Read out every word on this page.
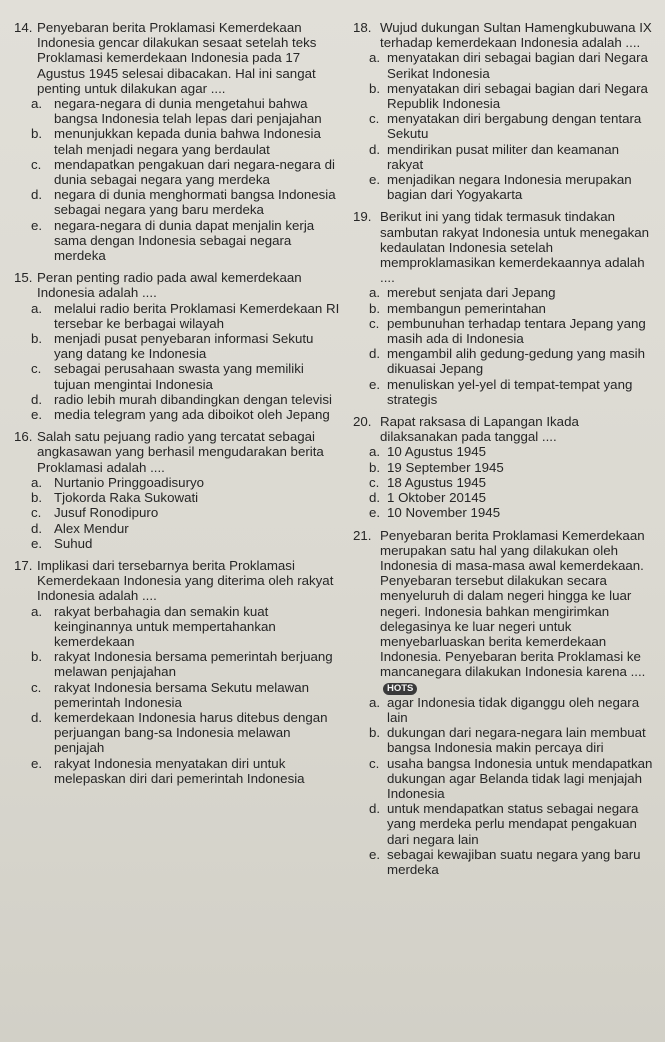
14. Penyebaran berita Proklamasi Kemerdekaan Indonesia gencar dilakukan sesaat setelah teks Proklamasi kemerdekaan Indonesia pada 17 Agustus 1945 selesai dibacakan. Hal ini sangat penting untuk dilakukan agar ....
a. negara-negara di dunia mengetahui bahwa bangsa Indonesia telah lepas dari penjajahan
b. menunjukkan kepada dunia bahwa Indonesia telah menjadi negara yang berdaulat
c. mendapatkan pengakuan dari negara-negara di dunia sebagai negara yang merdeka
d. negara di dunia menghormati bangsa Indonesia sebagai negara yang baru merdeka
e. negara-negara di dunia dapat menjalin kerja sama dengan Indonesia sebagai negara merdeka
15. Peran penting radio pada awal kemerdekaan Indonesia adalah ....
a. melalui radio berita Proklamasi Kemerdekaan RI tersebar ke berbagai wilayah
b. menjadi pusat penyebaran informasi Sekutu yang datang ke Indonesia
c. sebagai perusahaan swasta yang memiliki tujuan mengintai Indonesia
d. radio lebih murah dibandingkan dengan televisi
e. media telegram yang ada diboikot oleh Jepang
16. Salah satu pejuang radio yang tercatat sebagai angkasawan yang berhasil mengudarakan berita Proklamasi adalah ....
a. Nurtanio Pringgoadisuryo
b. Tjokorda Raka Sukowati
c. Jusuf Ronodipuro
d. Alex Mendur
e. Suhud
17. Implikasi dari tersebarnya berita Proklamasi Kemerdekaan Indonesia yang diterima oleh rakyat Indonesia adalah ....
a. rakyat berbahagia dan semakin kuat keinginannya untuk mempertahankan kemerdekaan
b. rakyat Indonesia bersama pemerintah berjuang melawan penjajahan
c. rakyat Indonesia bersama Sekutu melawan pemerintah Indonesia
d. kemerdekaan Indonesia harus ditebus dengan perjuangan bang-sa Indonesia melawan penjajah
e. rakyat Indonesia menyatakan diri untuk melepaskan diri dari pemerintah Indonesia
18. Wujud dukungan Sultan Hamengkubuwana IX terhadap kemerdekaan Indonesia adalah ....
a. menyatakan diri sebagai bagian dari Negara Serikat Indonesia
b. menyatakan diri sebagai bagian dari Negara Republik Indonesia
c. menyatakan diri bergabung dengan tentara Sekutu
d. mendirikan pusat militer dan keamanan rakyat
e. menjadikan negara Indonesia merupakan bagian dari Yogyakarta
19. Berikut ini yang tidak termasuk tindakan sambutan rakyat Indonesia untuk menegakan kedaulatan Indonesia setelah memproklamasikan kemerdekaannya adalah ....
a. merebut senjata dari Jepang
b. membangun pemerintahan
c. pembunuhan terhadap tentara Jepang yang masih ada di Indonesia
d. mengambil alih gedung-gedung yang masih dikuasai Jepang
e. menuliskan yel-yel di tempat-tempat yang strategis
20. Rapat raksasa di Lapangan Ikada dilaksanakan pada tanggal ....
a. 10 Agustus 1945
b. 19 September 1945
c. 18 Agustus 1945
d. 1 Oktober 20145
e. 10 November 1945
21. Penyebaran berita Proklamasi Kemerdekaan merupakan satu hal yang dilakukan oleh Indonesia di masa-masa awal kemerdekaan. Penyebaran tersebut dilakukan secara menyeluruh di dalam negeri hingga ke luar negeri. Indonesia bahkan mengirimkan delegasinya ke luar negeri untuk menyebarluaskan berita kemerdekaan Indonesia. Penyebaran berita Proklamasi ke mancanegara dilakukan Indonesia karena ....HOTS
a. agar Indonesia tidak diganggu oleh negara lain
b. dukungan dari negara-negara lain membuat bangsa Indonesia makin percaya diri
c. usaha bangsa Indonesia untuk mendapatkan dukungan agar Belanda tidak lagi menjajah Indonesia
d. untuk mendapatkan status sebagai negara yang merdeka perlu mendapat pengakuan dari negara lain
e. sebagai kewajiban suatu negara yang baru merdeka
